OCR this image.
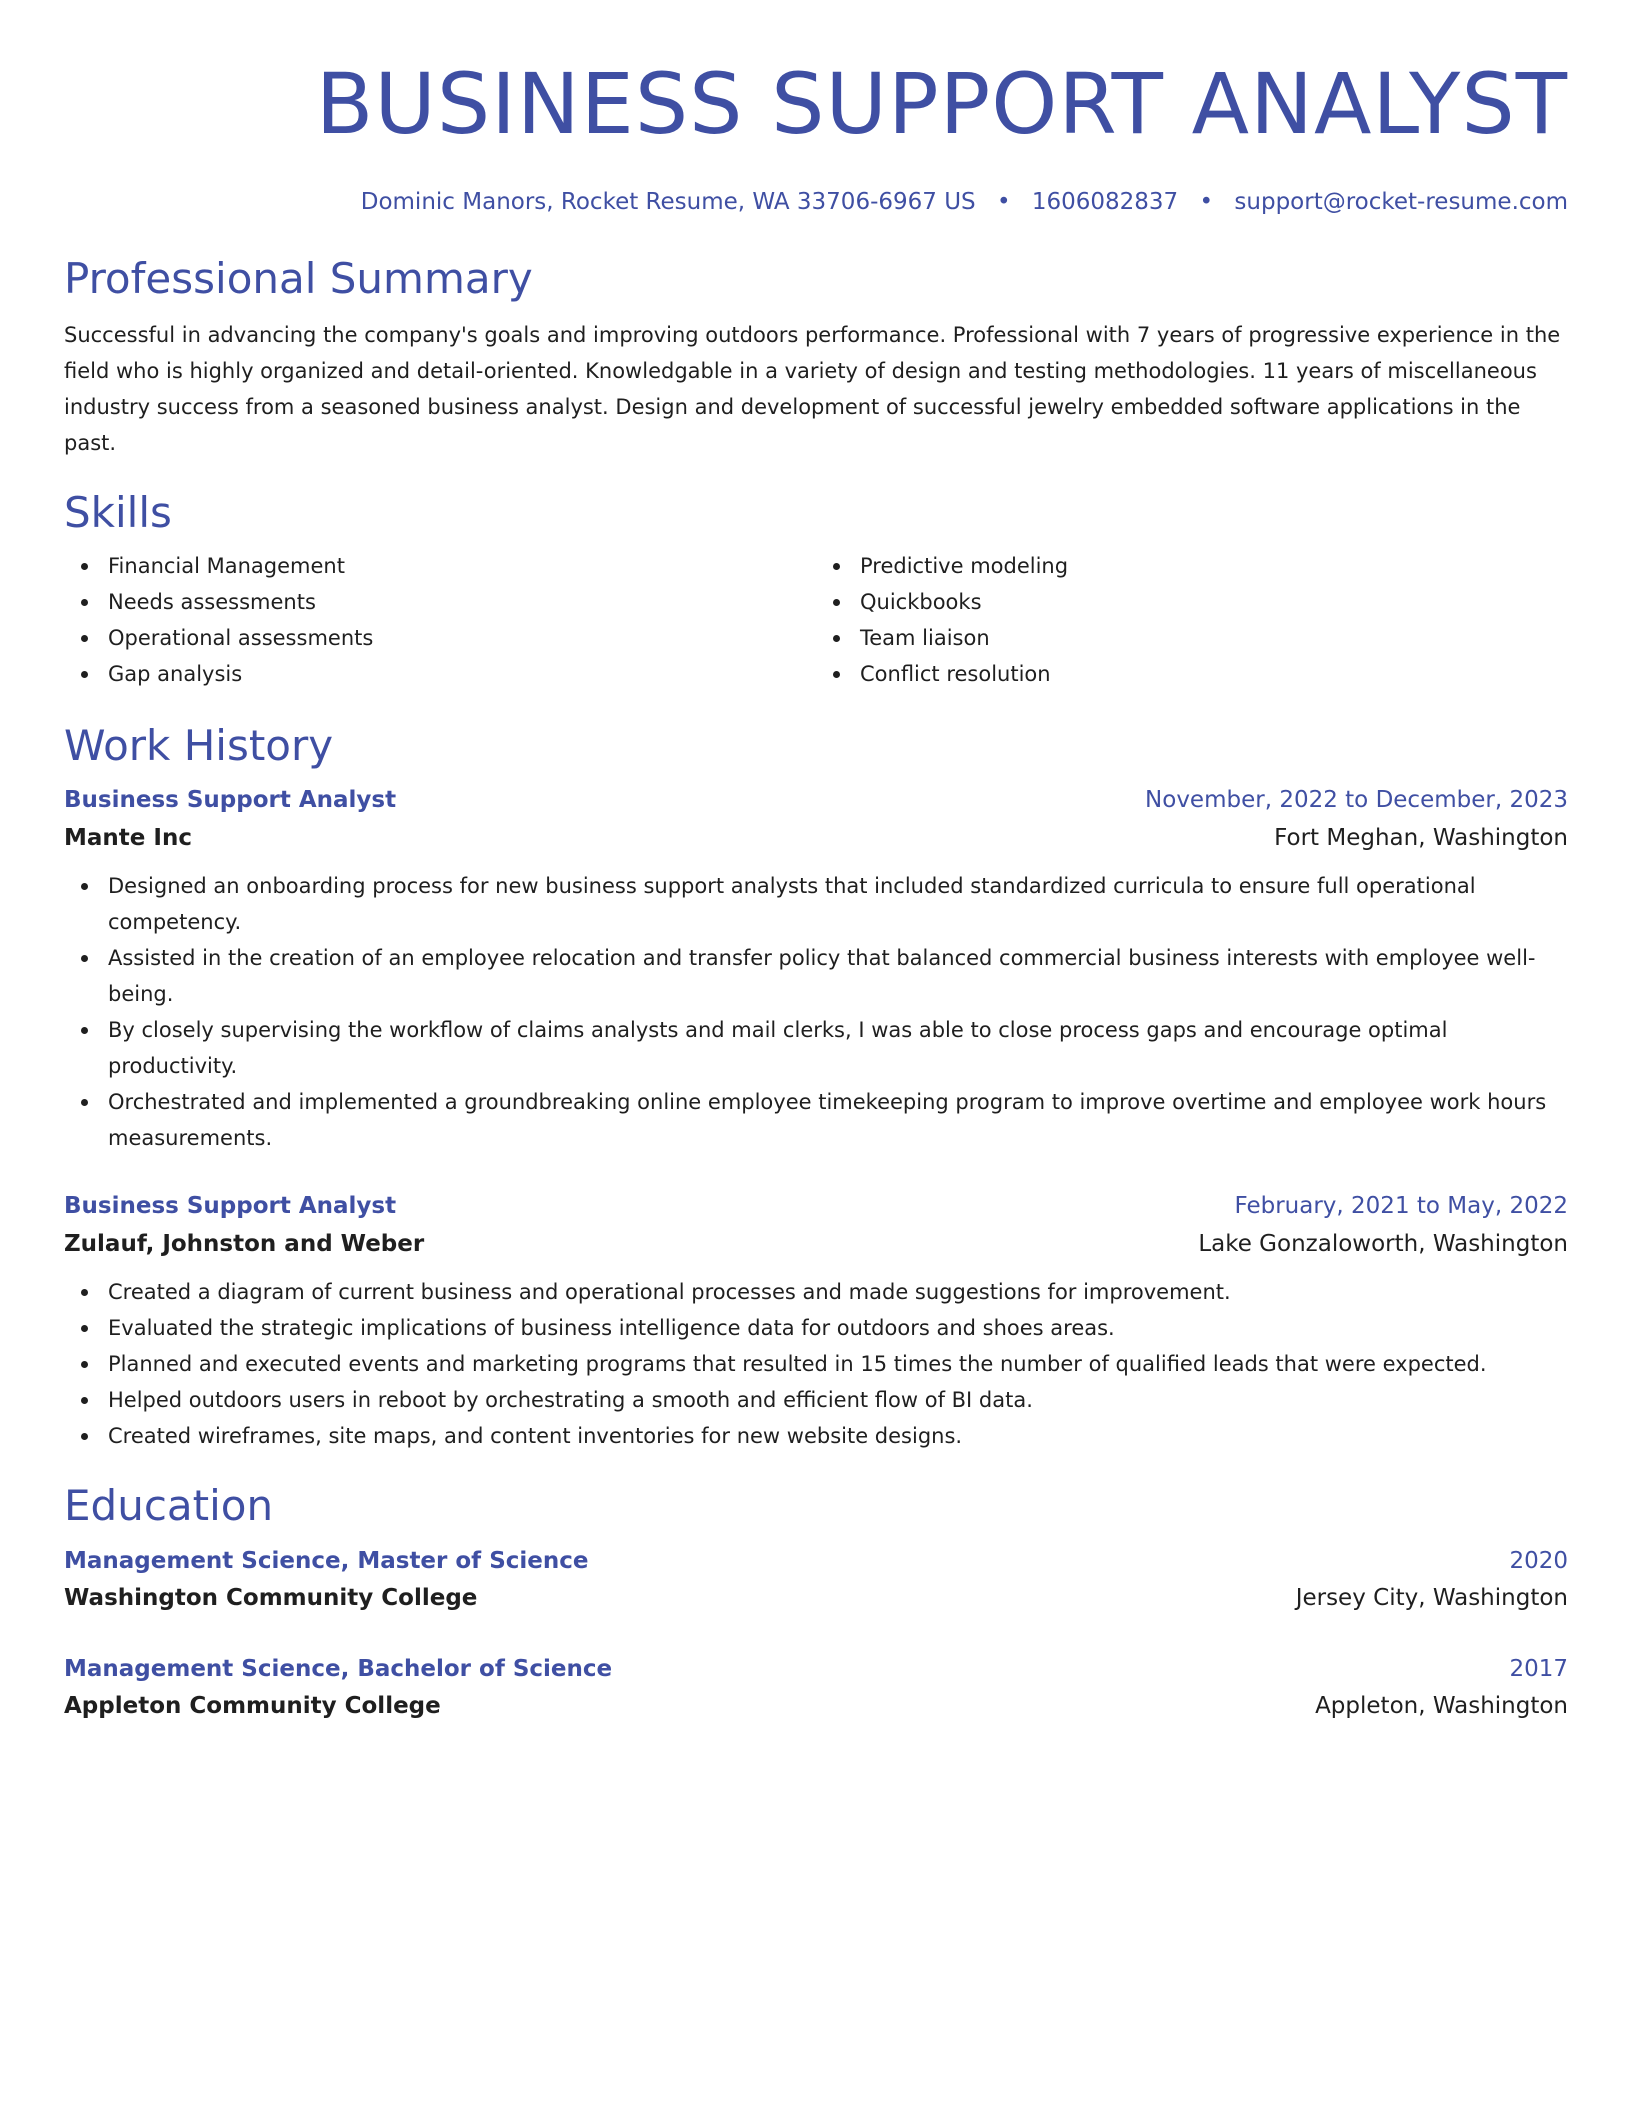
BUSINESS SUPPORT ANALYST
Dominic Manors, Rocket Resume, WA 33706-6967 US • 1606082837 • support@rocket-resume.com
Professional Summary

Successful in advancing the company's goals and improving outdoors performance. Professional with 7 years of progressive experience in the field who is highly organized and detail-oriented. Knowledgable in a variety of design and testing methodologies. 11 years of miscellaneous industry success from a seasoned business analyst. Design and development of successful jewelry embedded software applications in the past.

Skills
Financial Management
Needs assessments
Operational assessments
Gap analysis
Predictive modeling
Quickbooks
Team liaison
Conflict resolution
Work History
Business Support Analyst	November, 2022 to December, 2023
Mante Inc	Fort Meghan, Washington
Designed an onboarding process for new business support analysts that included standardized curricula to ensure full operational competency.
Assisted in the creation of an employee relocation and transfer policy that balanced commercial business interests with employee well-being.
By closely supervising the workflow of claims analysts and mail clerks, I was able to close process gaps and encourage optimal productivity.
Orchestrated and implemented a groundbreaking online employee timekeeping program to improve overtime and employee work hours measurements.
Business Support Analyst	February, 2021 to May, 2022
Zulauf, Johnston and Weber	Lake Gonzaloworth, Washington
Created a diagram of current business and operational processes and made suggestions for improvement.
Evaluated the strategic implications of business intelligence data for outdoors and shoes areas.
Planned and executed events and marketing programs that resulted in 15 times the number of qualified leads that were expected.
Helped outdoors users in reboot by orchestrating a smooth and efficient flow of BI data.
Created wireframes, site maps, and content inventories for new website designs.
Education
Management Science, Master of Science	2020
Washington Community College	Jersey City, Washington
Management Science, Bachelor of Science	2017
Appleton Community College	Appleton, Washington
